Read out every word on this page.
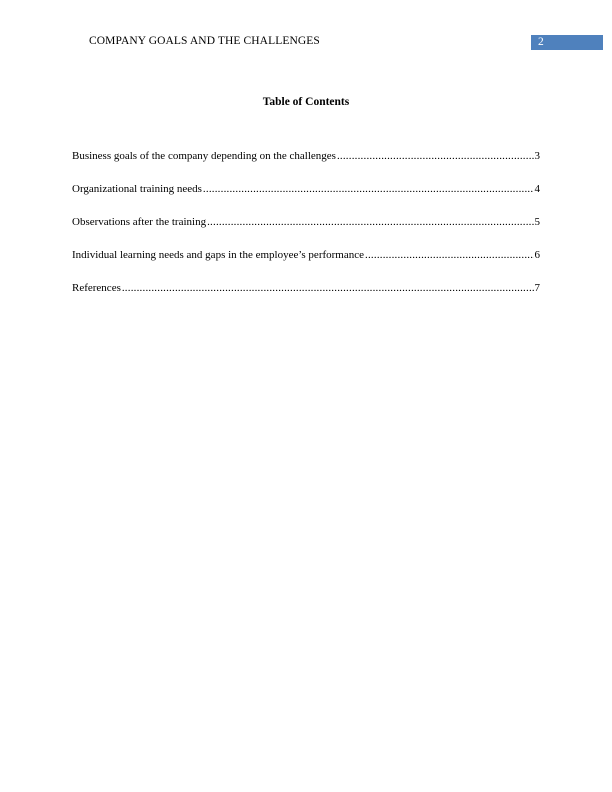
COMPANY GOALS AND THE CHALLENGES	2
Table of Contents
Business goals of the company depending on the challenges .....	3
Organizational training needs .....	4
Observations after the training .....	5
Individual learning needs and gaps in the employee’s performance .....	6
References .....	7
